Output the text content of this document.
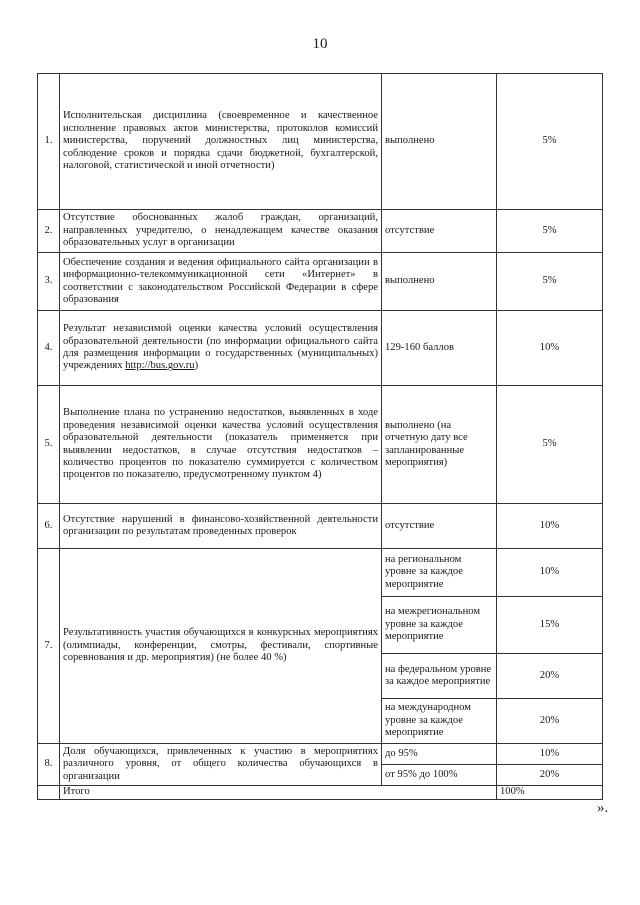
10
1.	Исполнительская дисциплина (своевременное и качественное исполнение правовых актов министерства, протоколов комиссий министерства, поручений должностных лиц министерства, соблюдение сроков и порядка сдачи бюджетной, бухгалтерской, налоговой, статистической и иной отчетности)	выполнено	5%
2.	Отсутствие обоснованных жалоб граждан, организаций, направленных учредителю, о ненадлежащем качестве оказания образовательных услуг в организации	отсутствие	5%
3.	Обеспечение создания и ведения официального сайта организации в информационно-телекоммуникационной сети «Интернет» в соответствии с законодательством Российской Федерации в сфере образования	выполнено	5%
4.	Результат независимой оценки качества условий осуществления образовательной деятельности (по информации официального сайта для размещения информации о государственных (муниципальных) учреждениях http://bus.gov.ru)	129-160 баллов	10%
5.	Выполнение плана по устранению недостатков, выявленных в ходе проведения независимой оценки качества условий осуществления образовательной деятельности (показатель применяется при выявлении недостатков, в случае отсутствия недостатков – количество процентов по показателю суммируется с количеством процентов по показателю, предусмотренному пунктом 4)	выполнено (на отчетную дату все запланированные мероприятия)	5%
6.	Отсутствие нарушений в финансово-хозяйственной деятельности организации по результатам проведенных проверок	отсутствие	10%
7.	Результативность участия обучающихся в конкурсных мероприятиях (олимпиады, конференции, смотры, фестивали, спортивные соревнования и др. мероприятия) (не более 40 %)	на региональном уровне за каждое мероприятие	10%
		на межрегиональном уровне за каждое мероприятие	15%
		на федеральном уровне за каждое мероприятие	20%
		на международном уровне за каждое мероприятие	20%
8.	Доля обучающихся, привлеченных к участию в мероприятиях различного уровня, от общего количества обучающихся в организации	до 95%	10%
		от 95% до 100%	20%
	Итого		100%
».
